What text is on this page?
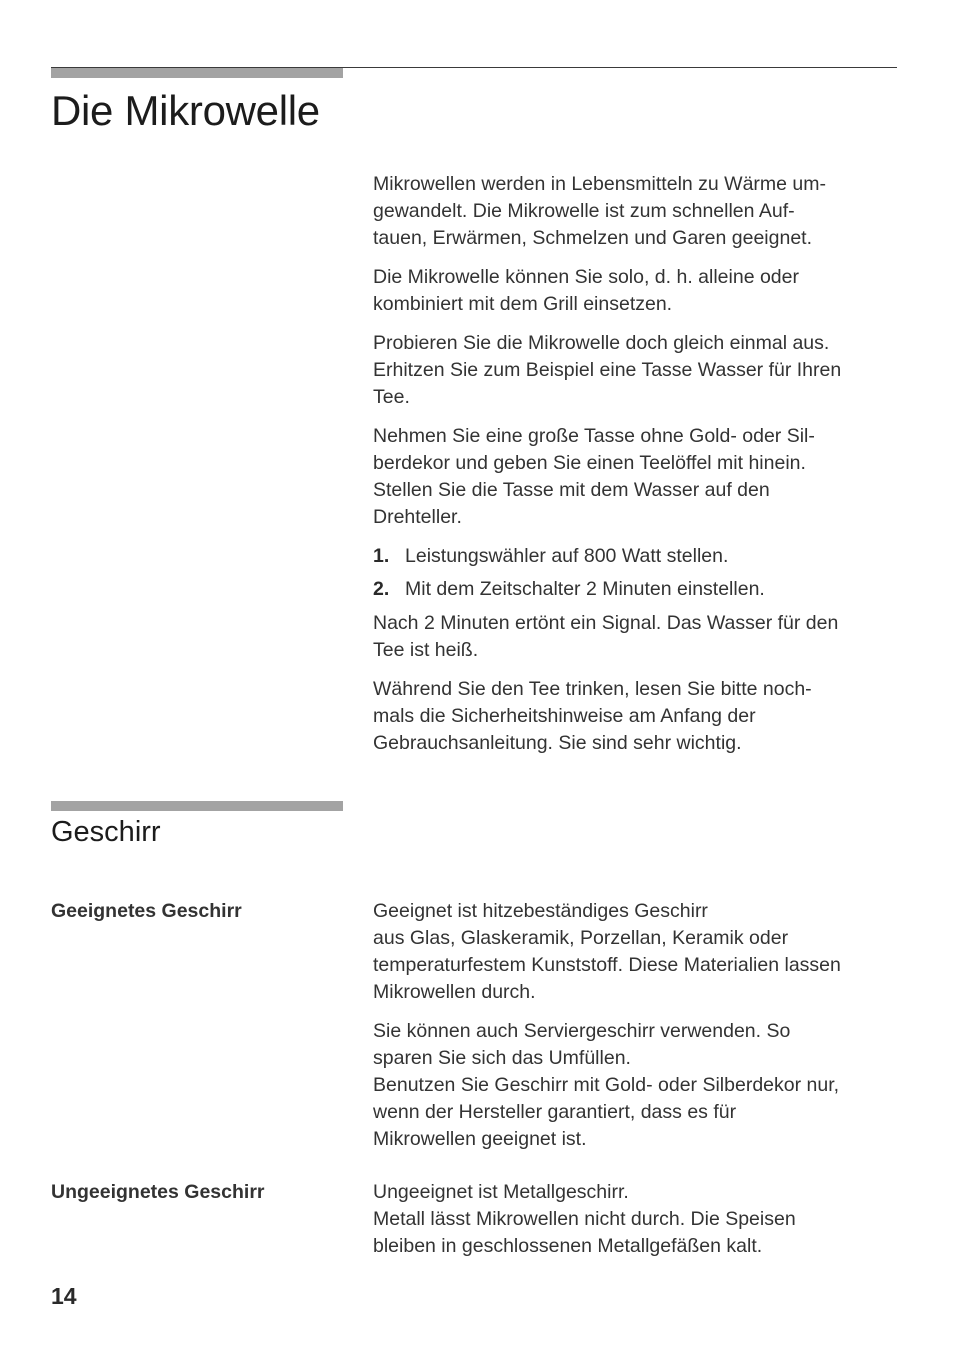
Die Mikrowelle

Mikrowellen werden in Lebensmitteln zu Wärme um-
gewandelt. Die Mikrowelle ist zum schnellen Auf-
tauen, Erwärmen, Schmelzen und Garen geeignet.

Die Mikrowelle können Sie solo, d. h. alleine oder
kombiniert mit dem Grill einsetzen.

Probieren Sie die Mikrowelle doch gleich einmal aus.
Erhitzen Sie zum Beispiel eine Tasse Wasser für Ihren
Tee.

Nehmen Sie eine große Tasse ohne Gold- oder Sil-
berdekor und geben Sie einen Teelöffel mit hinein.
Stellen Sie die Tasse mit dem Wasser auf den
Drehteller.

1. Leistungswähler auf 800 Watt stellen.
2. Mit dem Zeitschalter 2 Minuten einstellen.

Nach 2 Minuten ertönt ein Signal. Das Wasser für den
Tee ist heiß.

Während Sie den Tee trinken, lesen Sie bitte noch-
mals die Sicherheitshinweise am Anfang der
Gebrauchsanleitung. Sie sind sehr wichtig.

Geschirr
Geeignetes Geschirr	Geeignet ist hitzebeständiges Geschirr
aus Glas, Glaskeramik, Porzellan, Keramik oder
temperaturfestem Kunststoff. Diese Materialien lassen
Mikrowellen durch.

Sie können auch Serviergeschirr verwenden. So
sparen Sie sich das Umfüllen.
Benutzen Sie Geschirr mit Gold- oder Silberdekor nur,
wenn der Hersteller garantiert, dass es für
Mikrowellen geeignet ist.

Ungeeignetes Geschirr	Ungeeignet ist Metallgeschirr.
Metall lässt Mikrowellen nicht durch. Die Speisen
bleiben in geschlossenen Metallgefäßen kalt.

14
